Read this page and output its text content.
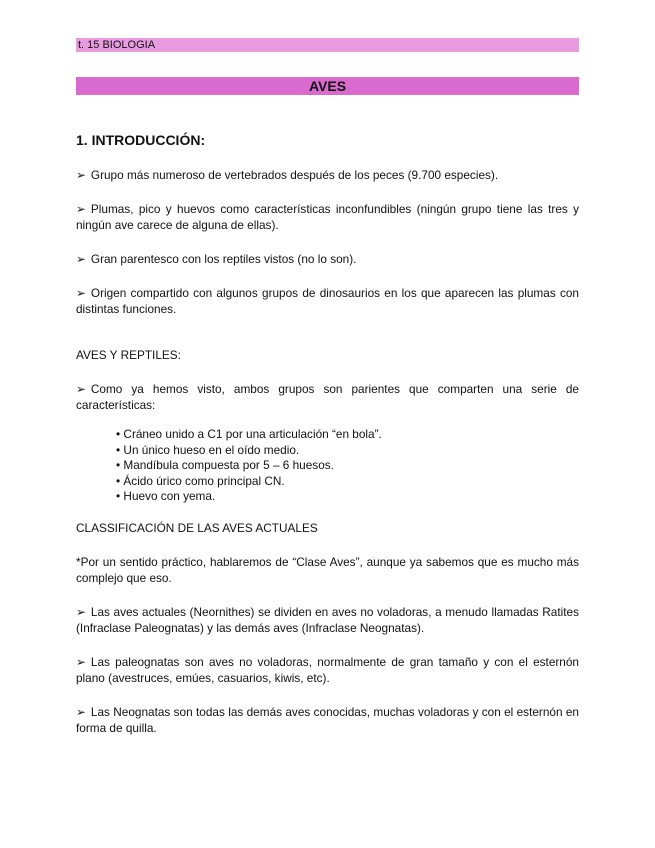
t. 15 BIOLOGIA
AVES
1. INTRODUCCIÓN:
➢ Grupo más numeroso de vertebrados después de los peces (9.700 especies).
➢ Plumas, pico y huevos como características inconfundibles (ningún grupo tiene las tres y ningún ave carece de alguna de ellas).
➢ Gran parentesco con los reptiles vistos (no lo son).
➢ Origen compartido con algunos grupos de dinosaurios en los que aparecen las plumas con distintas funciones.
AVES Y REPTILES:
➢ Como ya hemos visto, ambos grupos son parientes que comparten una serie de características:
• Cráneo unido a C1 por una articulación “en bola”.
• Un único hueso en el oído medio.
• Mandíbula compuesta por 5 – 6 huesos.
• Ácido úrico como principal CN.
• Huevo con yema.
CLASSIFICACIÓN DE LAS AVES ACTUALES
*Por un sentido práctico, hablaremos de “Clase Aves”, aunque ya sabemos que es mucho más complejo que eso.
➢ Las aves actuales (Neornithes) se dividen en aves no voladoras, a menudo llamadas Ratites (Infraclase Paleognatas) y las demás aves (Infraclase Neognatas).
➢ Las paleognatas son aves no voladoras, normalmente de gran tamaño y con el esternón plano (avestruces, emúes, casuarios, kiwis, etc).
➢ Las Neognatas son todas las demás aves conocidas, muchas voladoras y con el esternón en forma de quilla.
